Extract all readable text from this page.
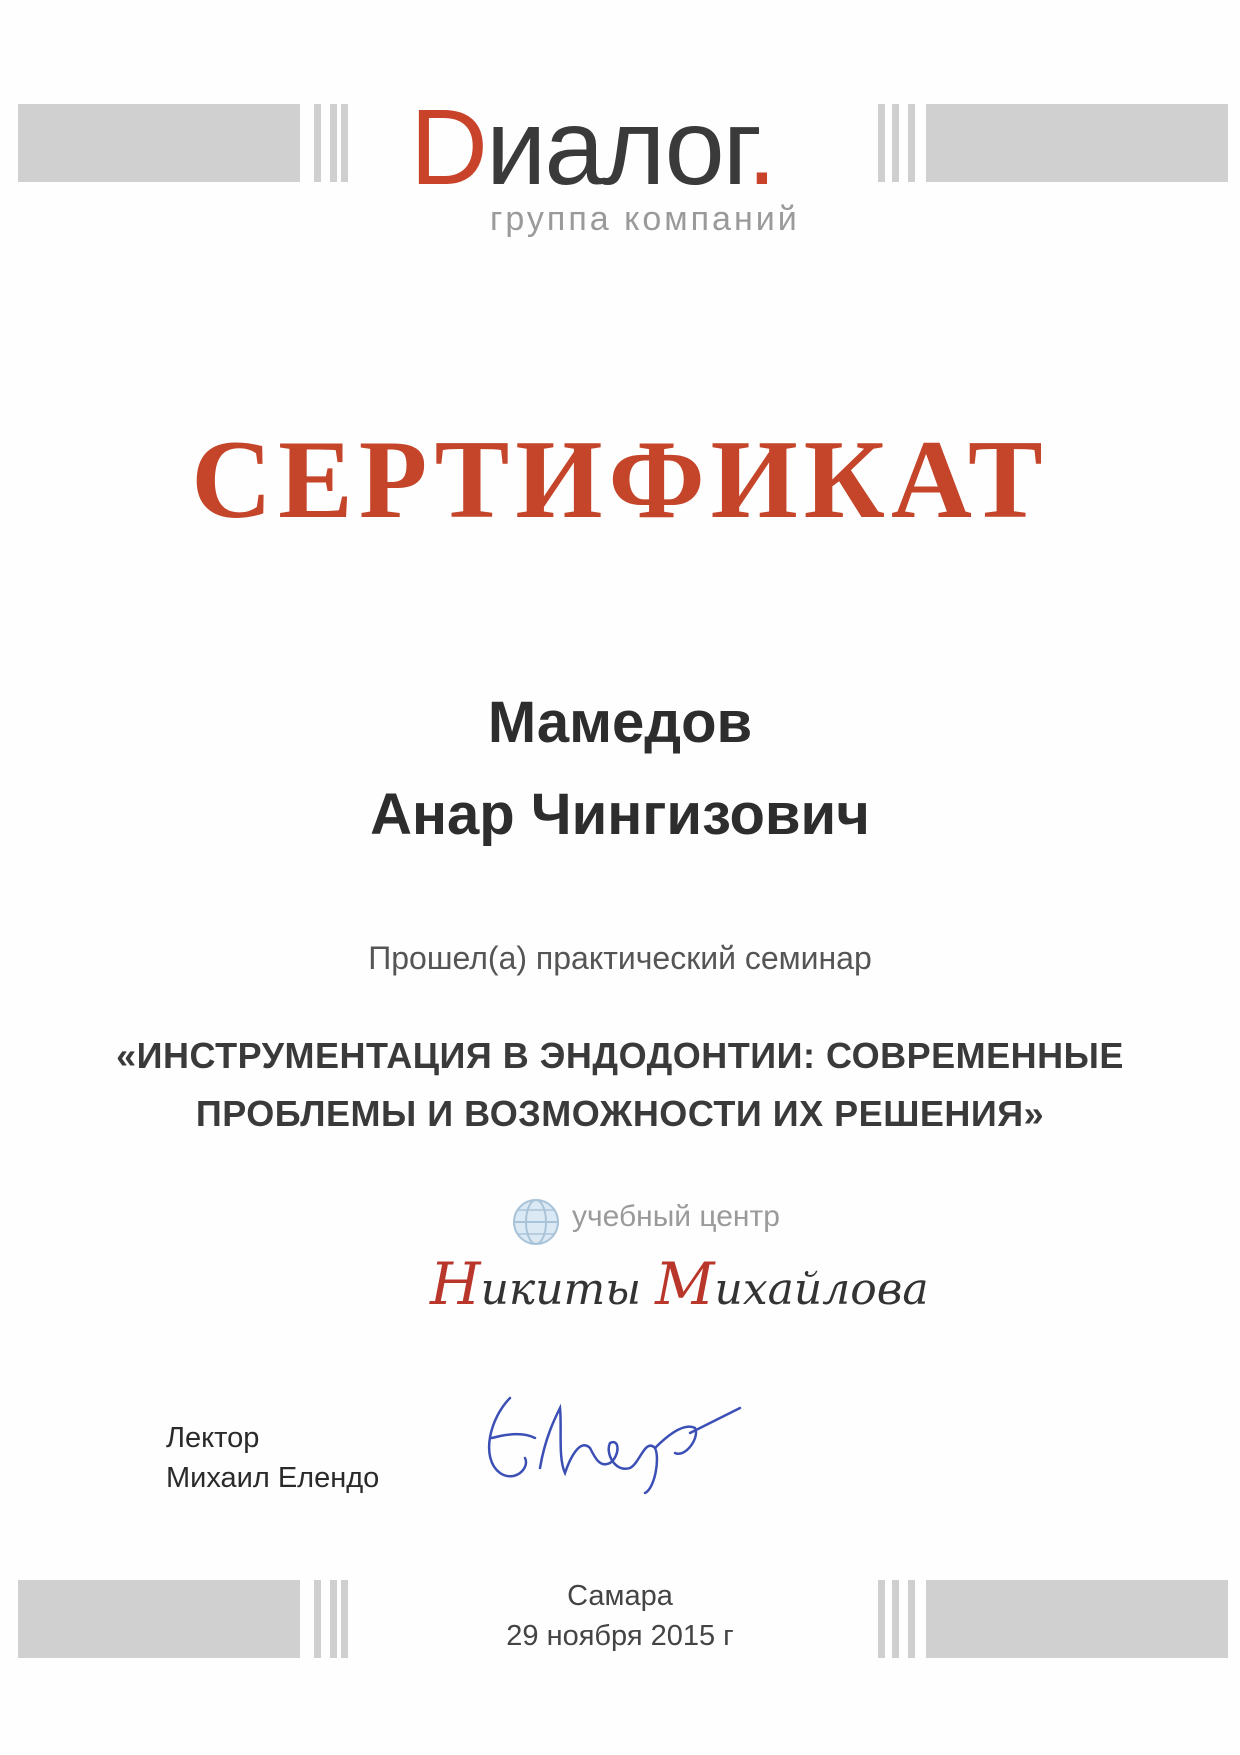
Dиалог.
группа компаний
СЕРТИФИКАТ
Мамедов
Анар Чингизович
Прошел(а) практический семинар
«ИНСТРУМЕНТАЦИЯ В ЭНДОДОНТИИ: СОВРЕМЕННЫЕ
ПРОБЛЕМЫ И ВОЗМОЖНОСТИ ИХ РЕШЕНИЯ»
учебный центр
Никиты Михайлова
Лектор
Михаил Елендо
Самара
29 ноября 2015 г
